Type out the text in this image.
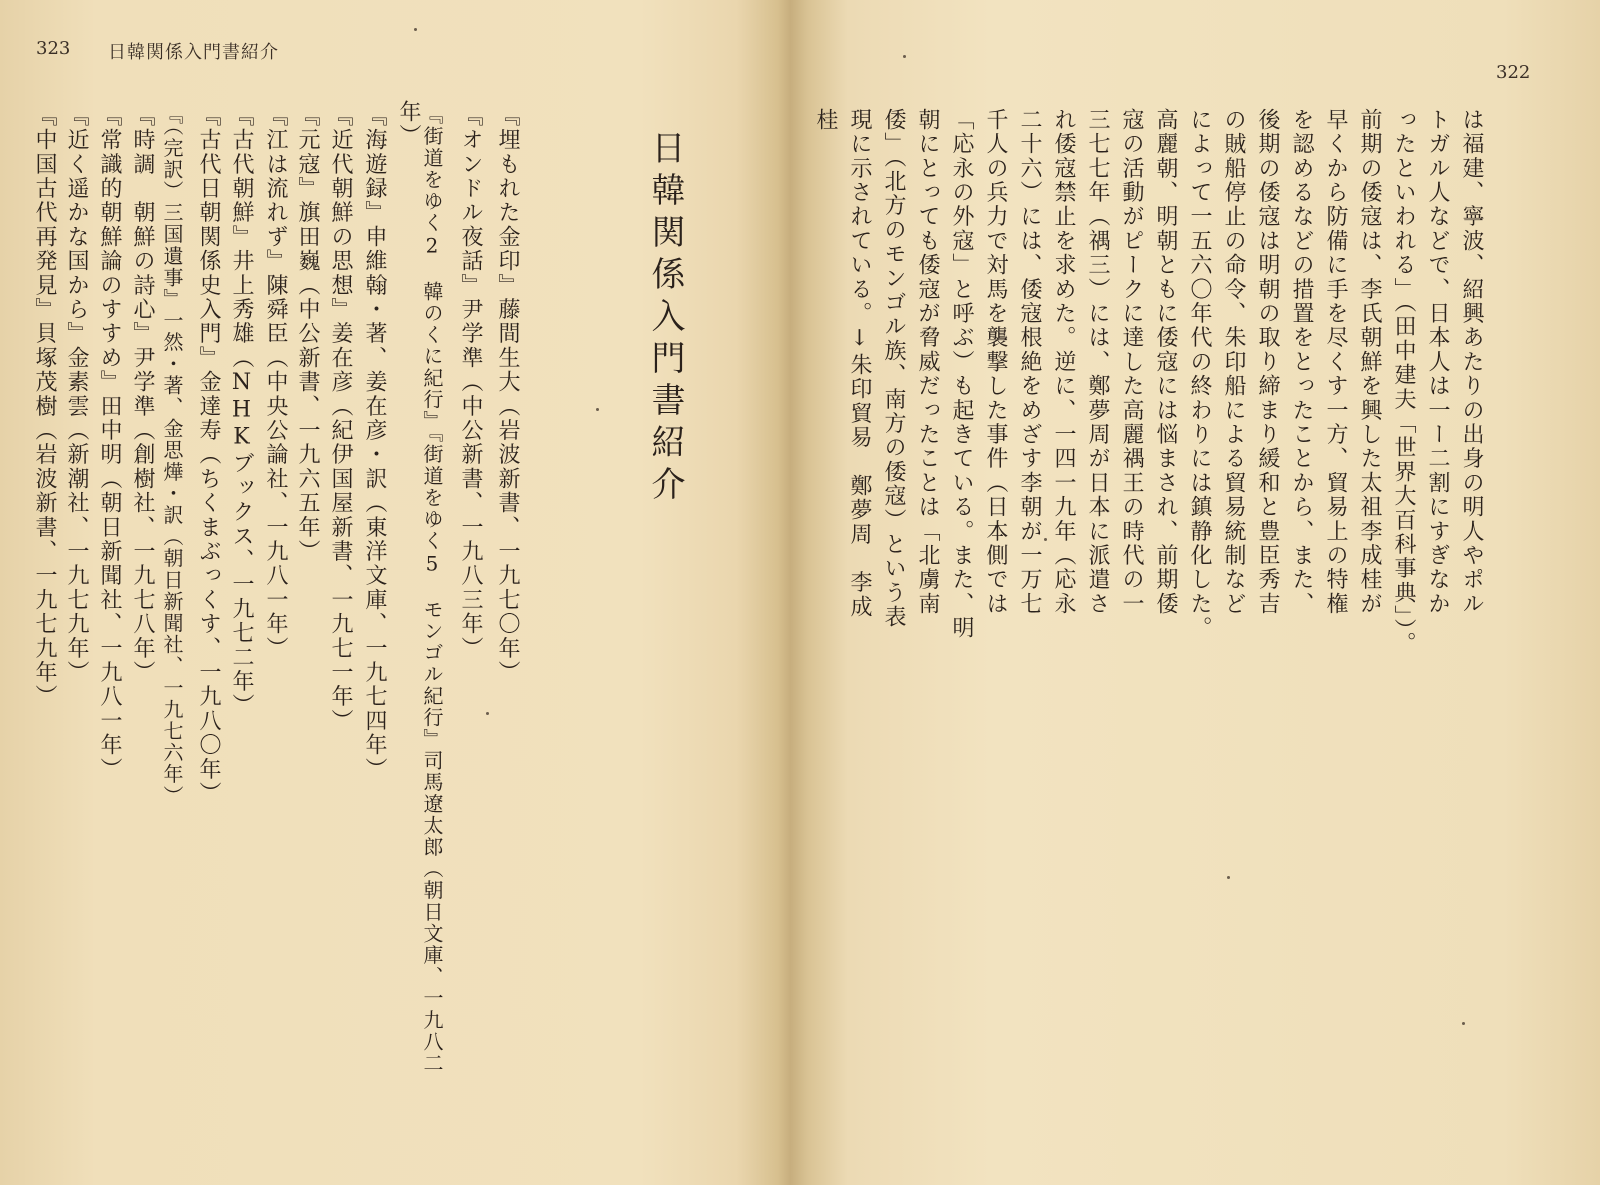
323 日韓関係入門書紹介
日韓関係入門書紹介
『埋もれた金印』藤間生大（岩波新書、一九七〇年）
『オンドル夜話』尹学準（中公新書、一九八三年）
『街道をゆく2　韓のくに紀行』『街道をゆく5　モンゴル紀行』司馬遼太郎（朝日文庫、一九八二
年）
『海遊録』申維翰・著、姜在彦・訳（東洋文庫、一九七四年）
『近代朝鮮の思想』姜在彦（紀伊国屋新書、一九七一年）
『元寇』旗田巍（中公新書、一九六五年）
『江は流れず』陳舜臣（中央公論社、一九八一年）
『古代朝鮮』井上秀雄（NHKブックス、一九七二年）
『古代日朝関係史入門』金達寿（ちくまぶっくす、一九八〇年）
『（完訳）三国遺事』一然・著、金思燁・訳（朝日新聞社、一九七六年）
『時調　朝鮮の詩心』尹学準（創樹社、一九七八年）
『常識的朝鮮論のすすめ』田中明（朝日新聞社、一九八一年）
『近く遥かな国から』金素雲（新潮社、一九七九年）
『中国古代再発見』貝塚茂樹（岩波新書、一九七九年）
322
は福建、寧波、紹興あたりの出身の明人やポル
トガル人などで、日本人は一ー二割にすぎなか
ったといわれる」（田中建夫「世界大百科事典」）。
前期の倭寇は、李氏朝鮮を興した太祖李成桂が
早くから防備に手を尽くす一方、貿易上の特権
を認めるなどの措置をとったことから、また、
後期の倭寇は明朝の取り締まり緩和と豊臣秀吉
の賊船停止の命令、朱印船による貿易統制など
によって一五六〇年代の終わりには鎮静化した。
高麗朝、明朝ともに倭寇には悩まされ、前期倭
寇の活動がピークに達した高麗禑王の時代の一
三七七年（禑三）には、鄭夢周が日本に派遣さ
れ倭寇禁止を求めた。逆に、一四一九年（応永
二十六）には、倭寇根絶をめざす李朝が一万七
千人の兵力で対馬を襲撃した事件（日本側では
「応永の外寇」と呼ぶ）も起きている。また、明
朝にとっても倭寇が脅威だったことは「北虜南
倭」（北方のモンゴル族、南方の倭寇）という表
現に示されている。↓朱印貿易　鄭夢周　李成
桂
